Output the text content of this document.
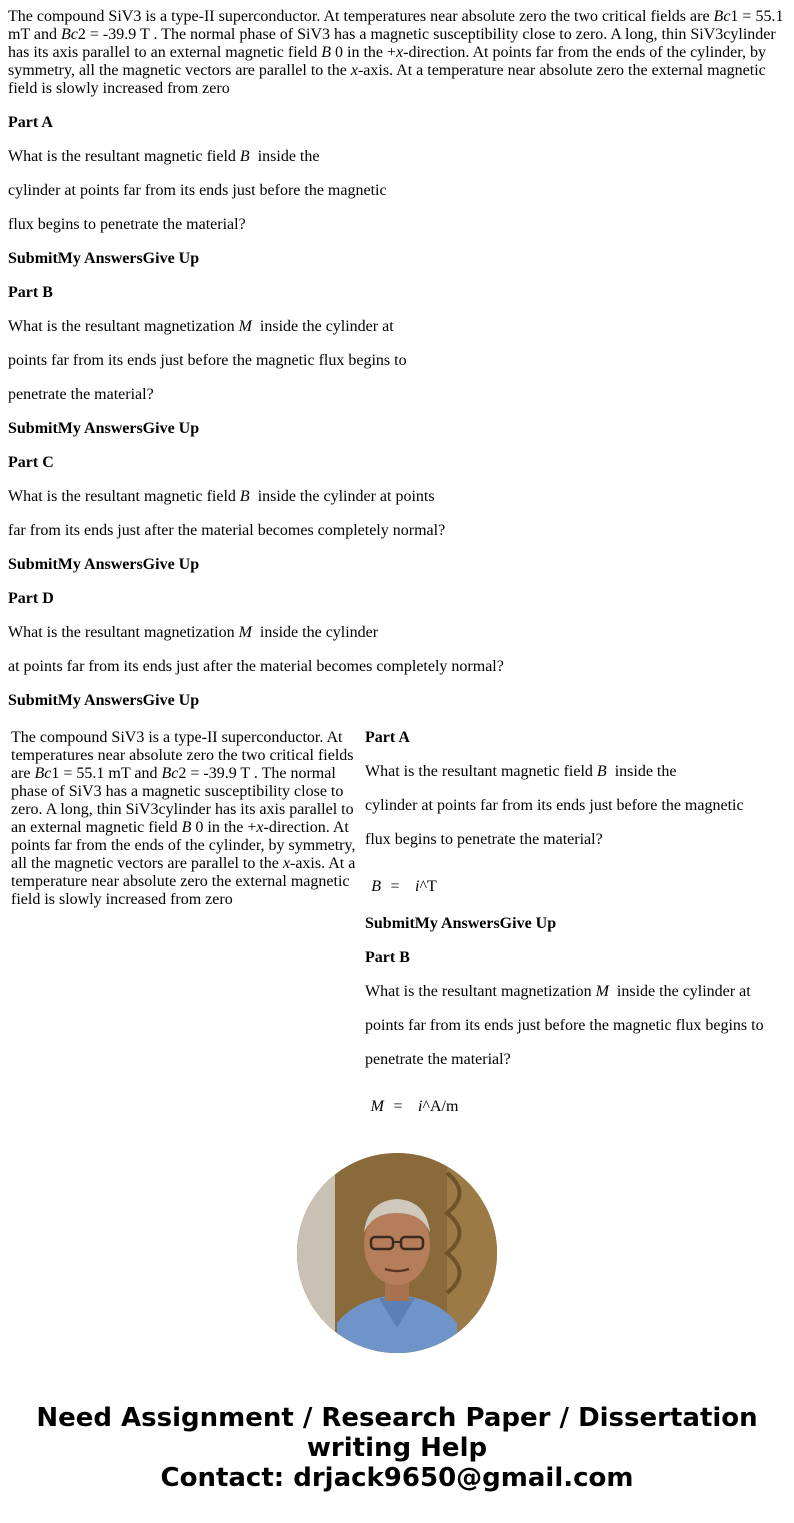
The compound SiV3 is a type-II superconductor. At temperatures near absolute zero the two critical fields are Bc1 = 55.1 mT and Bc2 = -39.9 T . The normal phase of SiV3 has a magnetic susceptibility close to zero. A long, thin SiV3cylinder has its axis parallel to an external magnetic field B 0 in the +x-direction. At points far from the ends of the cylinder, by symmetry, all the magnetic vectors are parallel to the x-axis. At a temperature near absolute zero the external magnetic field is slowly increased from zero

Part A

What is the resultant magnetic field B  inside the

cylinder at points far from its ends just before the magnetic

flux begins to penetrate the material?

SubmitMy AnswersGive Up

Part B

What is the resultant magnetization M  inside the cylinder at

points far from its ends just before the magnetic flux begins to

penetrate the material?

SubmitMy AnswersGive Up

Part C

What is the resultant magnetic field B  inside the cylinder at points

far from its ends just after the material becomes completely normal?

SubmitMy AnswersGive Up

Part D

What is the resultant magnetization M  inside the cylinder

at points far from its ends just after the material becomes completely normal?

SubmitMy AnswersGive Up

The compound SiV3 is a type-II superconductor. At temperatures near absolute zero the two critical fields are Bc1 = 55.1 mT and Bc2 = -39.9 T . The normal phase of SiV3 has a magnetic susceptibility close to zero. A long, thin SiV3cylinder has its axis parallel to an external magnetic field B 0 in the +x-direction. At points far from the ends of the cylinder, by symmetry, all the magnetic vectors are parallel to the x-axis. At a temperature near absolute zero the external magnetic field is slowly increased from zero

Part A

What is the resultant magnetic field B  inside the

cylinder at points far from its ends just before the magnetic

flux begins to penetrate the material?

B = i^T

SubmitMy AnswersGive Up

Part B

What is the resultant magnetization M  inside the cylinder at

points far from its ends just before the magnetic flux begins to

penetrate the material?

M = i^A/m
Need Assignment / Research Paper / Dissertation
writing Help
Contact: drjack9650@gmail.com
